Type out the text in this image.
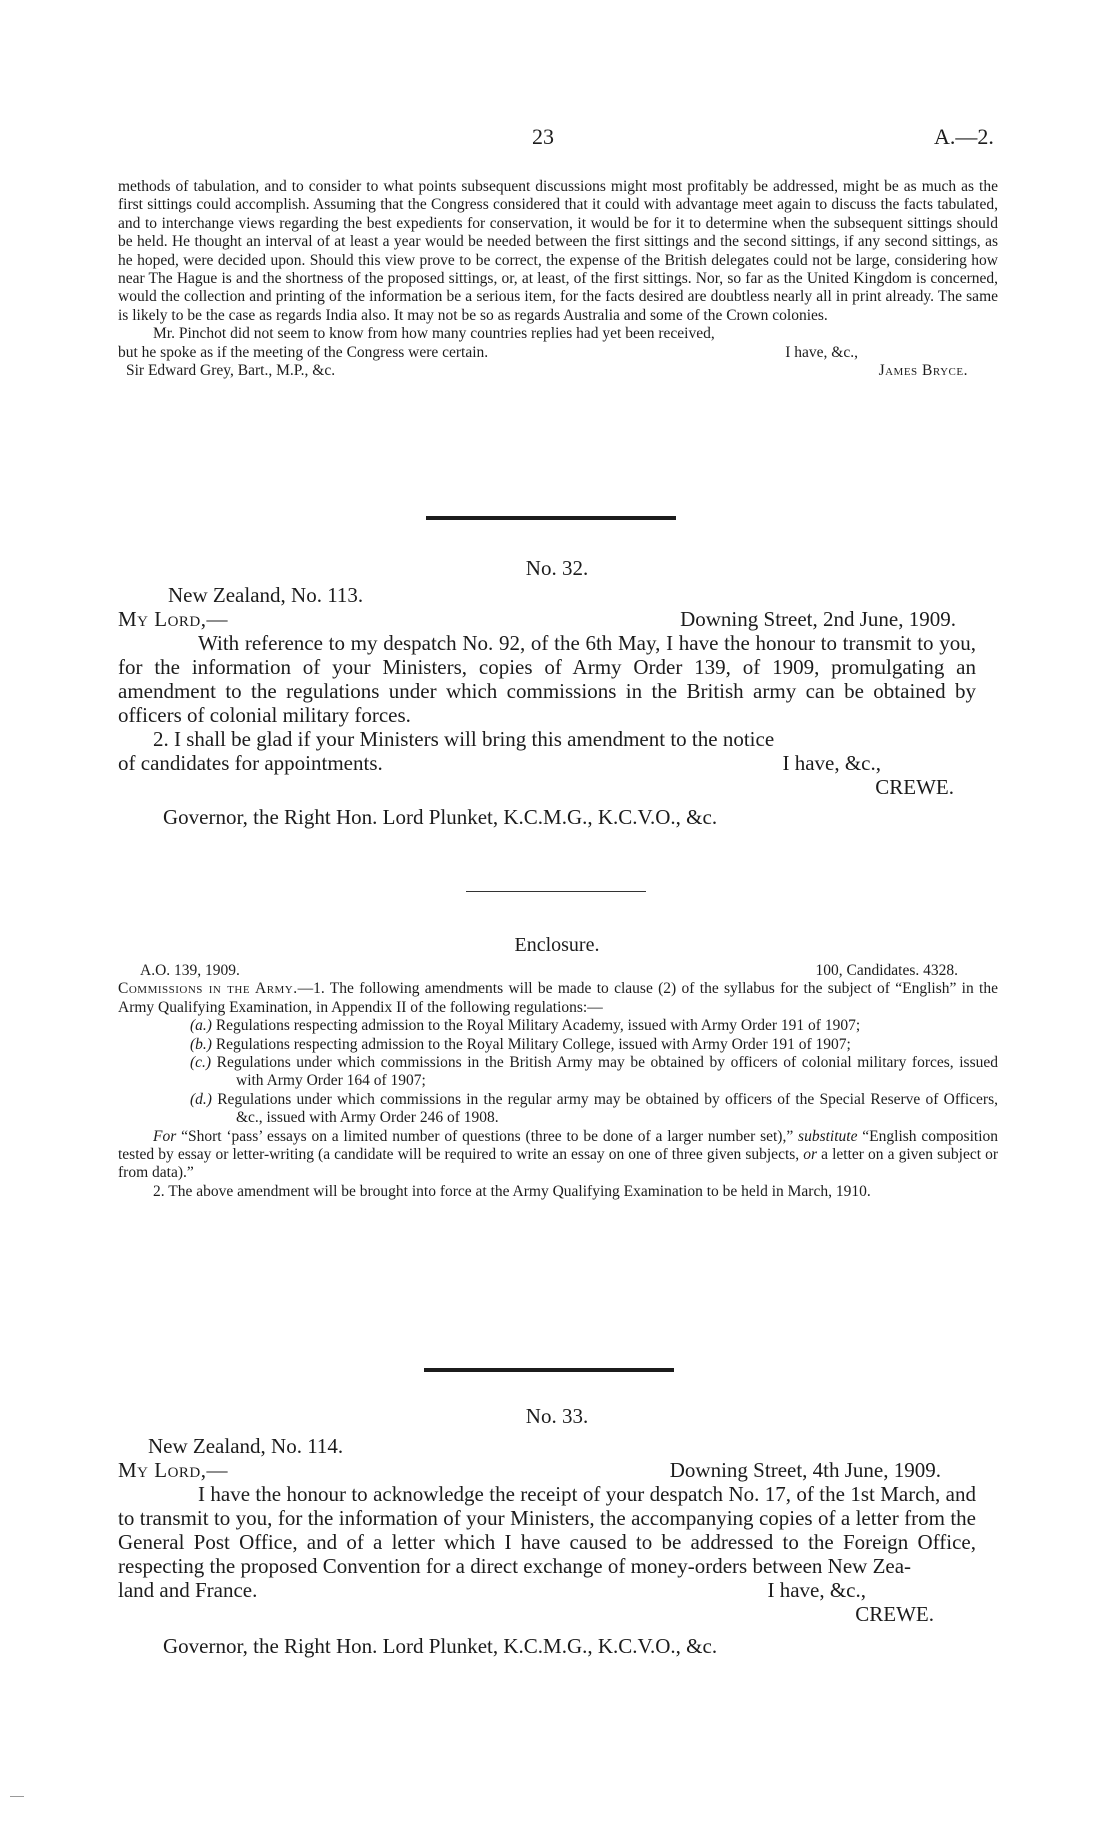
23	A.—2.

methods of tabulation, and to consider to what points subsequent discussions might most profitably be addressed, might be as much as the first sittings could accomplish. Assuming that the Congress considered that it could with advantage meet again to discuss the facts tabulated, and to interchange views regarding the best expedients for conservation, it would be for it to determine when the subsequent sittings should be held. He thought an interval of at least a year would be needed between the first sittings and the second sittings, if any second sittings, as he hoped, were decided upon. Should this view prove to be correct, the expense of the British delegates could not be large, considering how near The Hague is and the shortness of the proposed sittings, or, at least, of the first sittings. Nor, so far as the United Kingdom is concerned, would the collection and printing of the information be a serious item, for the facts desired are doubtless nearly all in print already. The same is likely to be the case as regards India also. It may not be so as regards Australia and some of the Crown colonies.

Mr. Pinchot did not seem to know from how many countries replies had yet been received,

but he spoke as if the meeting of the Congress were certain.	I have, &c.,
Sir Edward Grey, Bart., M.P., &c.	James Bryce.
No. 32.

New Zealand, No. 113.

My Lord,—	Downing Street, 2nd June, 1909.

With reference to my despatch No. 92, of the 6th May, I have the honour to transmit to you, for the information of your Ministers, copies of Army Order 139, of 1909, promulgating an amendment to the regulations under which commissions in the British army can be obtained by officers of colonial military forces.

2. I shall be glad if your Ministers will bring this amendment to the notice

of candidates for appointments.	I have, &c.,
CREWE.

Governor, the Right Hon. Lord Plunket, K.C.M.G., K.C.V.O., &c.

Enclosure.
A.O. 139, 1909.	100, Candidates. 4328.

Commissions in the Army.—1. The following amendments will be made to clause (2) of the syllabus for the subject of “English” in the Army Qualifying Examination, in Appendix II of the following regulations:—

(a.) Regulations respecting admission to the Royal Military Academy, issued with Army Order 191 of 1907;
(b.) Regulations respecting admission to the Royal Military College, issued with Army Order 191 of 1907;
(c.) Regulations under which commissions in the British Army may be obtained by officers of colonial military forces, issued with Army Order 164 of 1907;
(d.) Regulations under which commissions in the regular army may be obtained by officers of the Special Reserve of Officers, &c., issued with Army Order 246 of 1908.

For “Short ‘pass’ essays on a limited number of questions (three to be done of a larger number set),” substitute “English composition tested by essay or letter-writing (a candidate will be required to write an essay on one of three given subjects, or a letter on a given subject or from data).”

2. The above amendment will be brought into force at the Army Qualifying Examination to be held in March, 1910.

No. 33.

New Zealand, No. 114.

My Lord,—	Downing Street, 4th June, 1909.

I have the honour to acknowledge the receipt of your despatch No. 17, of the 1st March, and to transmit to you, for the information of your Ministers, the accompanying copies of a letter from the General Post Office, and of a letter which I have caused to be addressed to the Foreign Office, respecting the proposed Convention for a direct exchange of money-orders between New Zea-

land and France.	I have, &c.,
CREWE.

Governor, the Right Hon. Lord Plunket, K.C.M.G., K.C.V.O., &c.
